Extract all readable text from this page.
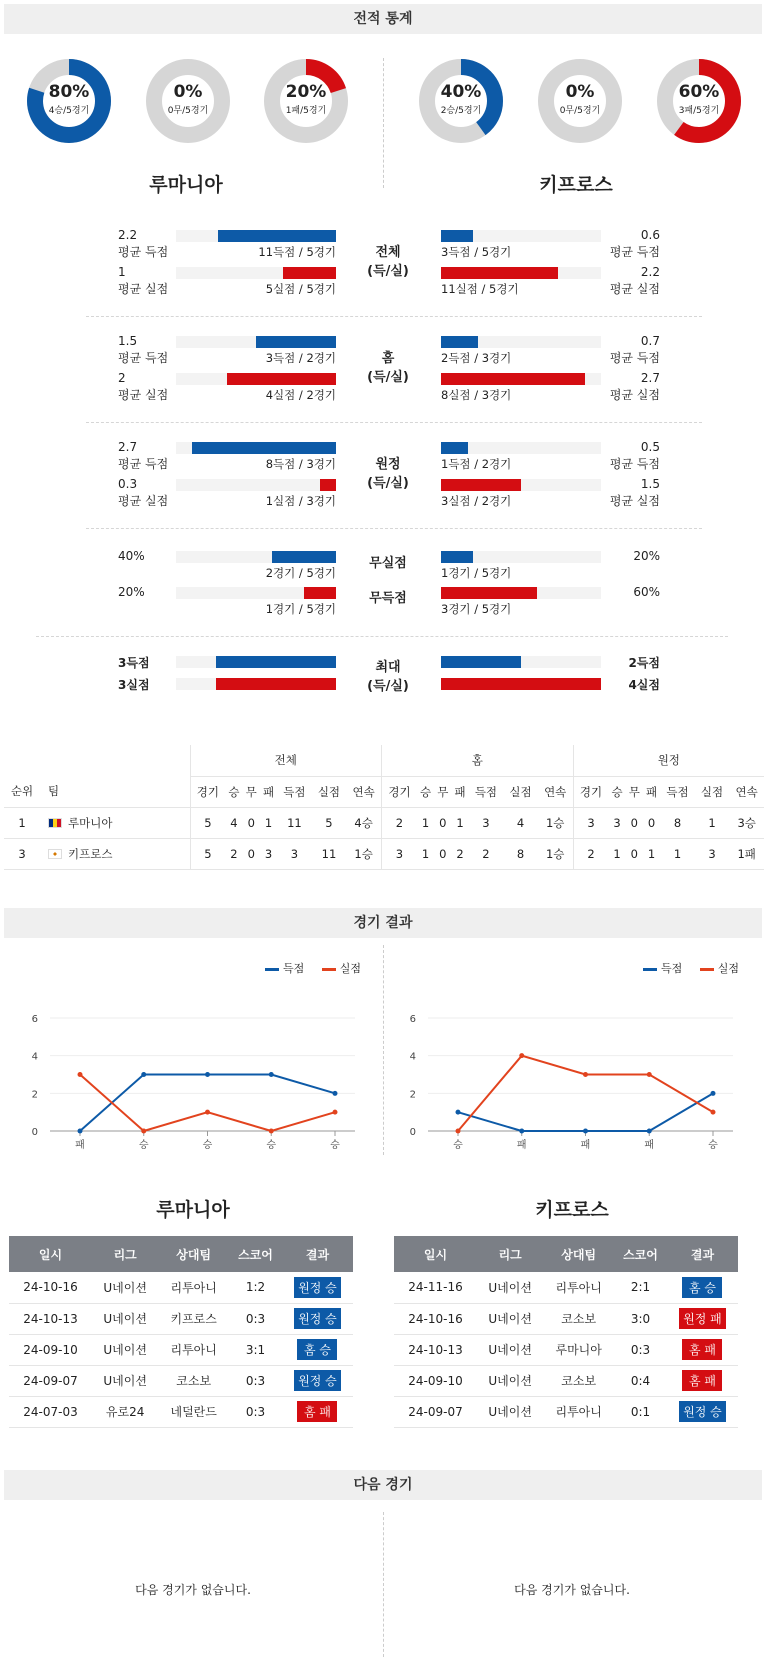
전적 통계
80%
4승/5경기
0%
0무/5경기
20%
1패/5경기
40%
2승/5경기
0%
0무/5경기
60%
3패/5경기
루마니아	키프로스
2.2
평균 득점
1
평균 실점
11득점 / 5경기
5실점 / 5경기
3득점 / 5경기
11실점 / 5경기
0.6
평균 득점
2.2
평균 실점
전체
(득/실)
1.5
평균 득점
2
평균 실점
3득점 / 2경기
4실점 / 2경기
2득점 / 3경기
8실점 / 3경기
0.7
평균 득점
2.7
평균 실점
홈
(득/실)
2.7
평균 득점
0.3
평균 실점
8득점 / 3경기
1실점 / 3경기
1득점 / 2경기
3실점 / 2경기
0.5
평균 득점
1.5
평균 실점
원정
(득/실)
40%
20%
2경기 / 5경기
1경기 / 5경기
1경기 / 5경기
3경기 / 5경기
20%
60%
무실점
무득점
3득점
3실점
2득점
4실점
최대
(득/실)
		전체							홈							원정						
순위	팀	경기	승	무	패	득점	실점	연속	경기	승	무	패	득점	실점	연속	경기	승	무	패	득점	실점	연속
1	루마니아	5	4	0	1	11	5	4승	2	1	0	1	3	4	1승	3	3	0	0	8	1	3승
3	키프로스	5	2	0	3	3	11	1승	3	1	0	2	2	8	1승	2	1	0	1	1	3	1패
경기 결과
득점	실점	득점	실점
0
2
4
6
패	승	승	승	승
0
2
4
6
승	패	패	패	승
루마니아	키프로스
일시	리그	상대팀	스코어	결과
24-10-16	U네이션	리투아니	1:2	원정 승
24-10-13	U네이션	키프로스	0:3	원정 승
24-09-10	U네이션	리투아니	3:1	홈 승
24-09-07	U네이션	코소보	0:3	원정 승
24-07-03	유로24	네덜란드	0:3	홈 패
일시	리그	상대팀	스코어	결과
24-11-16	U네이션	리투아니	2:1	홈 승
24-10-16	U네이션	코소보	3:0	원정 패
24-10-13	U네이션	루마니아	0:3	홈 패
24-09-10	U네이션	코소보	0:4	홈 패
24-09-07	U네이션	리투아니	0:1	원정 승
다음 경기
다음 경기가 없습니다.	다음 경기가 없습니다.
